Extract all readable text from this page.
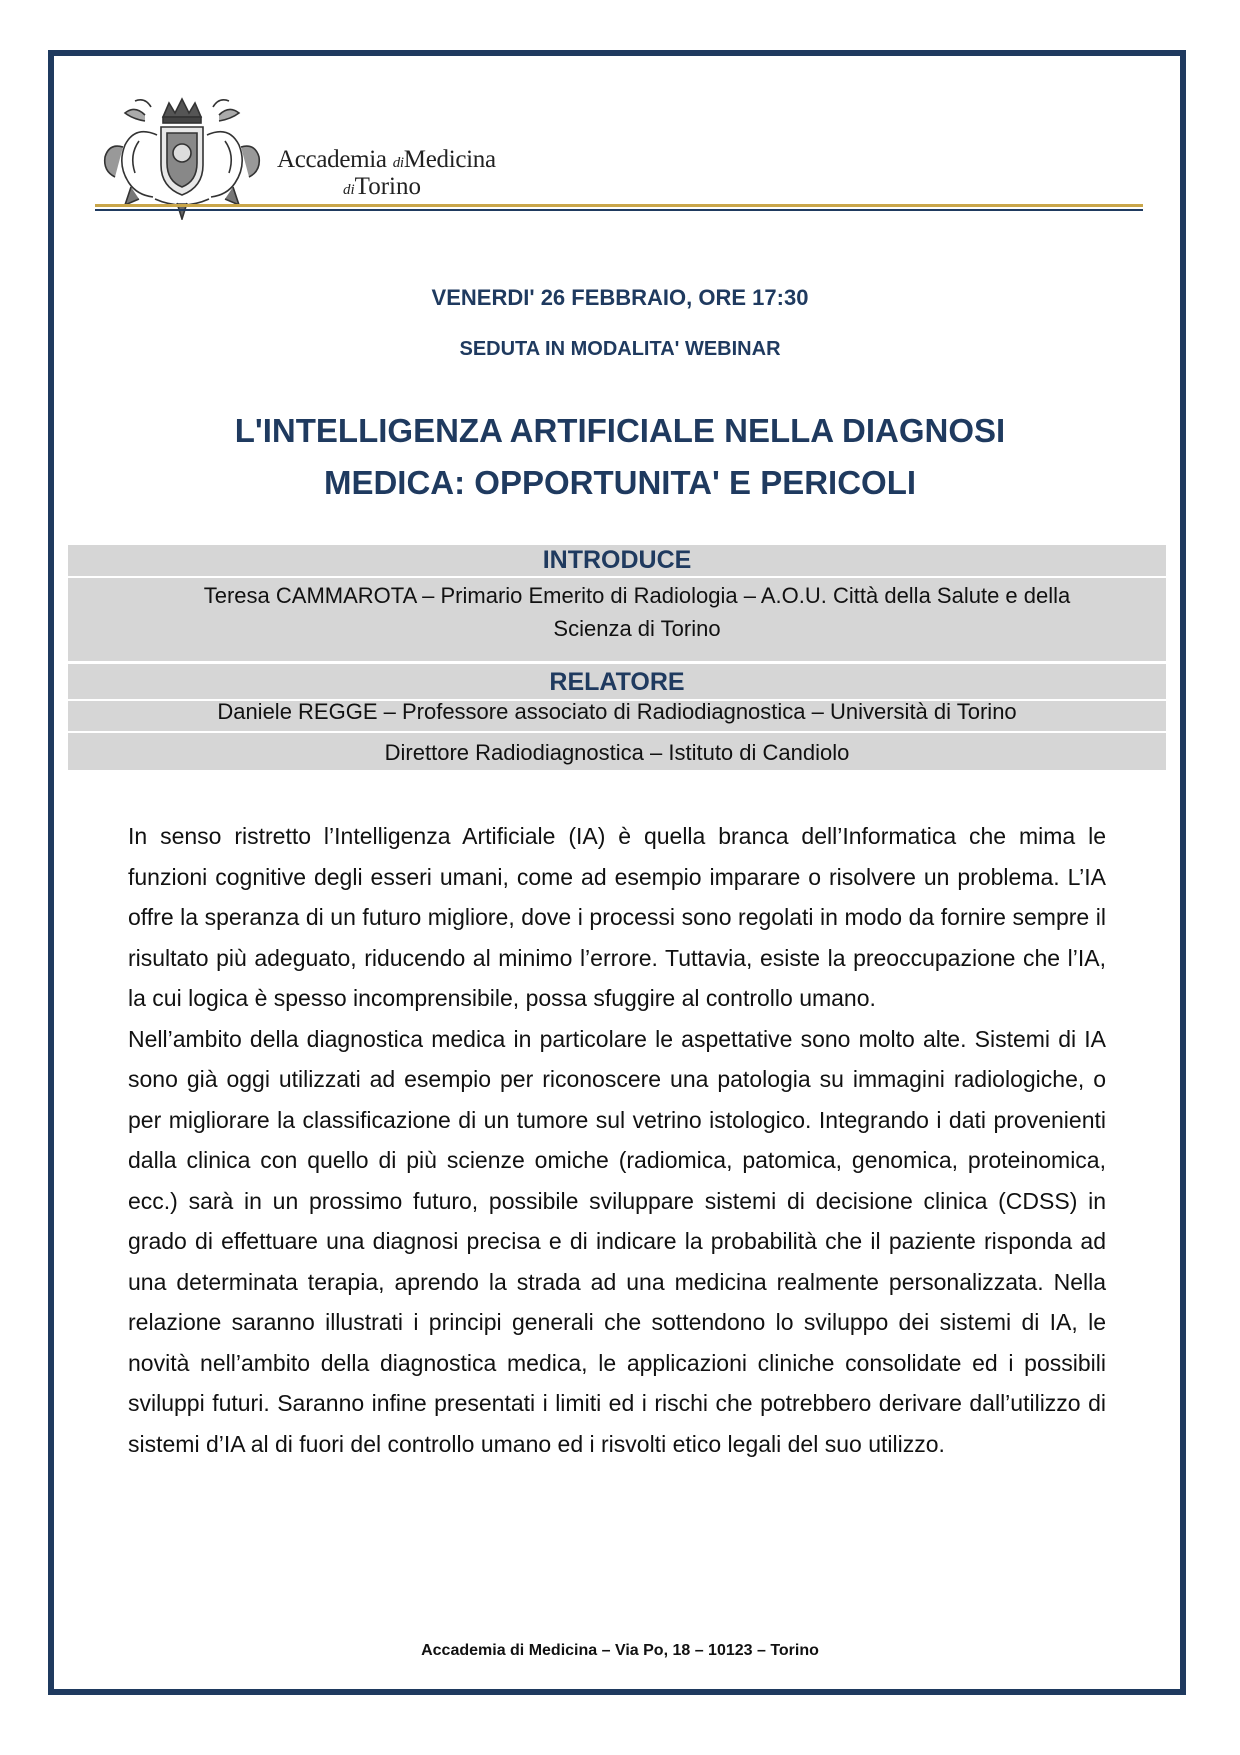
Accademia diMedicina
diTorino
VENERDI' 26 FEBBRAIO, ORE 17:30
SEDUTA IN MODALITA' WEBINAR
L'INTELLIGENZA ARTIFICIALE NELLA DIAGNOSI
MEDICA: OPPORTUNITA' E PERICOLI
INTRODUCE
Teresa CAMMAROTA – Primario Emerito di Radiologia – A.O.U. Città della Salute e della
Scienza di Torino
RELATORE
Daniele REGGE – Professore associato di Radiodiagnostica – Università di Torino
Direttore Radiodiagnostica – Istituto di Candiolo

In senso ristretto l’Intelligenza Artificiale (IA) è quella branca dell’Informatica che mima le funzioni cognitive degli esseri umani, come ad esempio imparare o risolvere un problema. L’IA offre la speranza di un futuro migliore, dove i processi sono regolati in modo da fornire sempre il risultato più adeguato, riducendo al minimo l’errore. Tuttavia, esiste la preoccupazione che l’IA, la cui logica è spesso incomprensibile, possa sfuggire al controllo umano.

Nell’ambito della diagnostica medica in particolare le aspettative sono molto alte. Sistemi di IA sono già oggi utilizzati ad esempio per riconoscere una patologia su immagini radiologiche, o per migliorare la classificazione di un tumore sul vetrino istologico. Integrando i dati provenienti dalla clinica con quello di più scienze omiche (radiomica, patomica, genomica, proteinomica, ecc.) sarà in un prossimo futuro, possibile sviluppare sistemi di decisione clinica (CDSS) in grado di effettuare una diagnosi precisa e di indicare la probabilità che il paziente risponda ad una determinata terapia, aprendo la strada ad una medicina realmente personalizzata. Nella relazione saranno illustrati i principi generali che sottendono lo sviluppo dei sistemi di IA, le novità nell’ambito della diagnostica medica, le applicazioni cliniche consolidate ed i possibili sviluppi futuri. Saranno infine presentati i limiti ed i rischi che potrebbero derivare dall’utilizzo di sistemi d’IA al di fuori del controllo umano ed i risvolti etico legali del suo utilizzo.

Accademia di Medicina – Via Po, 18 – 10123 – Torino
